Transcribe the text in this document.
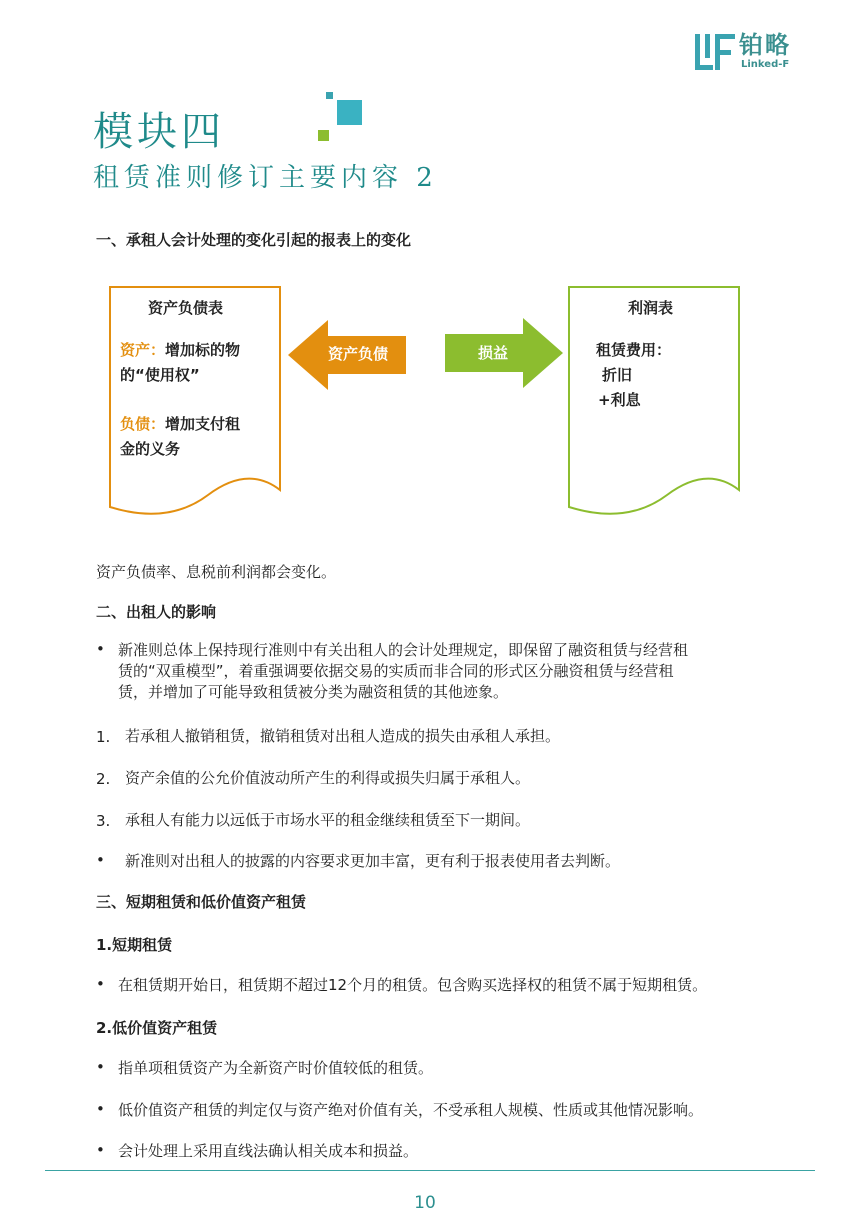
铂略
Linked-F
模块四
租赁准则修订主要内容 2
一、承租人会计处理的变化引起的报表上的变化
资产负债表
资产：增加标的物
的“使用权”
负债：增加支付租
金的义务
资产负债	损益
利润表
租赁费用：
折旧
+利息
资产负债率、息税前利润都会变化。
二、出租人的影响
• 新准则总体上保持现行准则中有关出租人的会计处理规定，即保留了融资租赁与经营租
赁的“双重模型”，着重强调要依据交易的实质而非合同的形式区分融资租赁与经营租
赁，并增加了可能导致租赁被分类为融资租赁的其他迹象。
1. 若承租人撤销租赁，撤销租赁对出租人造成的损失由承租人承担。
2. 资产余值的公允价值波动所产生的利得或损失归属于承租人。
3. 承租人有能力以远低于市场水平的租金继续租赁至下一期间。
• 新准则对出租人的披露的内容要求更加丰富，更有利于报表使用者去判断。
三、短期租赁和低价值资产租赁
1.短期租赁
• 在租赁期开始日，租赁期不超过12个月的租赁。包含购买选择权的租赁不属于短期租赁。
2.低价值资产租赁
• 指单项租赁资产为全新资产时价值较低的租赁。
• 低价值资产租赁的判定仅与资产绝对价值有关，不受承租人规模、性质或其他情况影响。
• 会计处理上采用直线法确认相关成本和损益。
10
